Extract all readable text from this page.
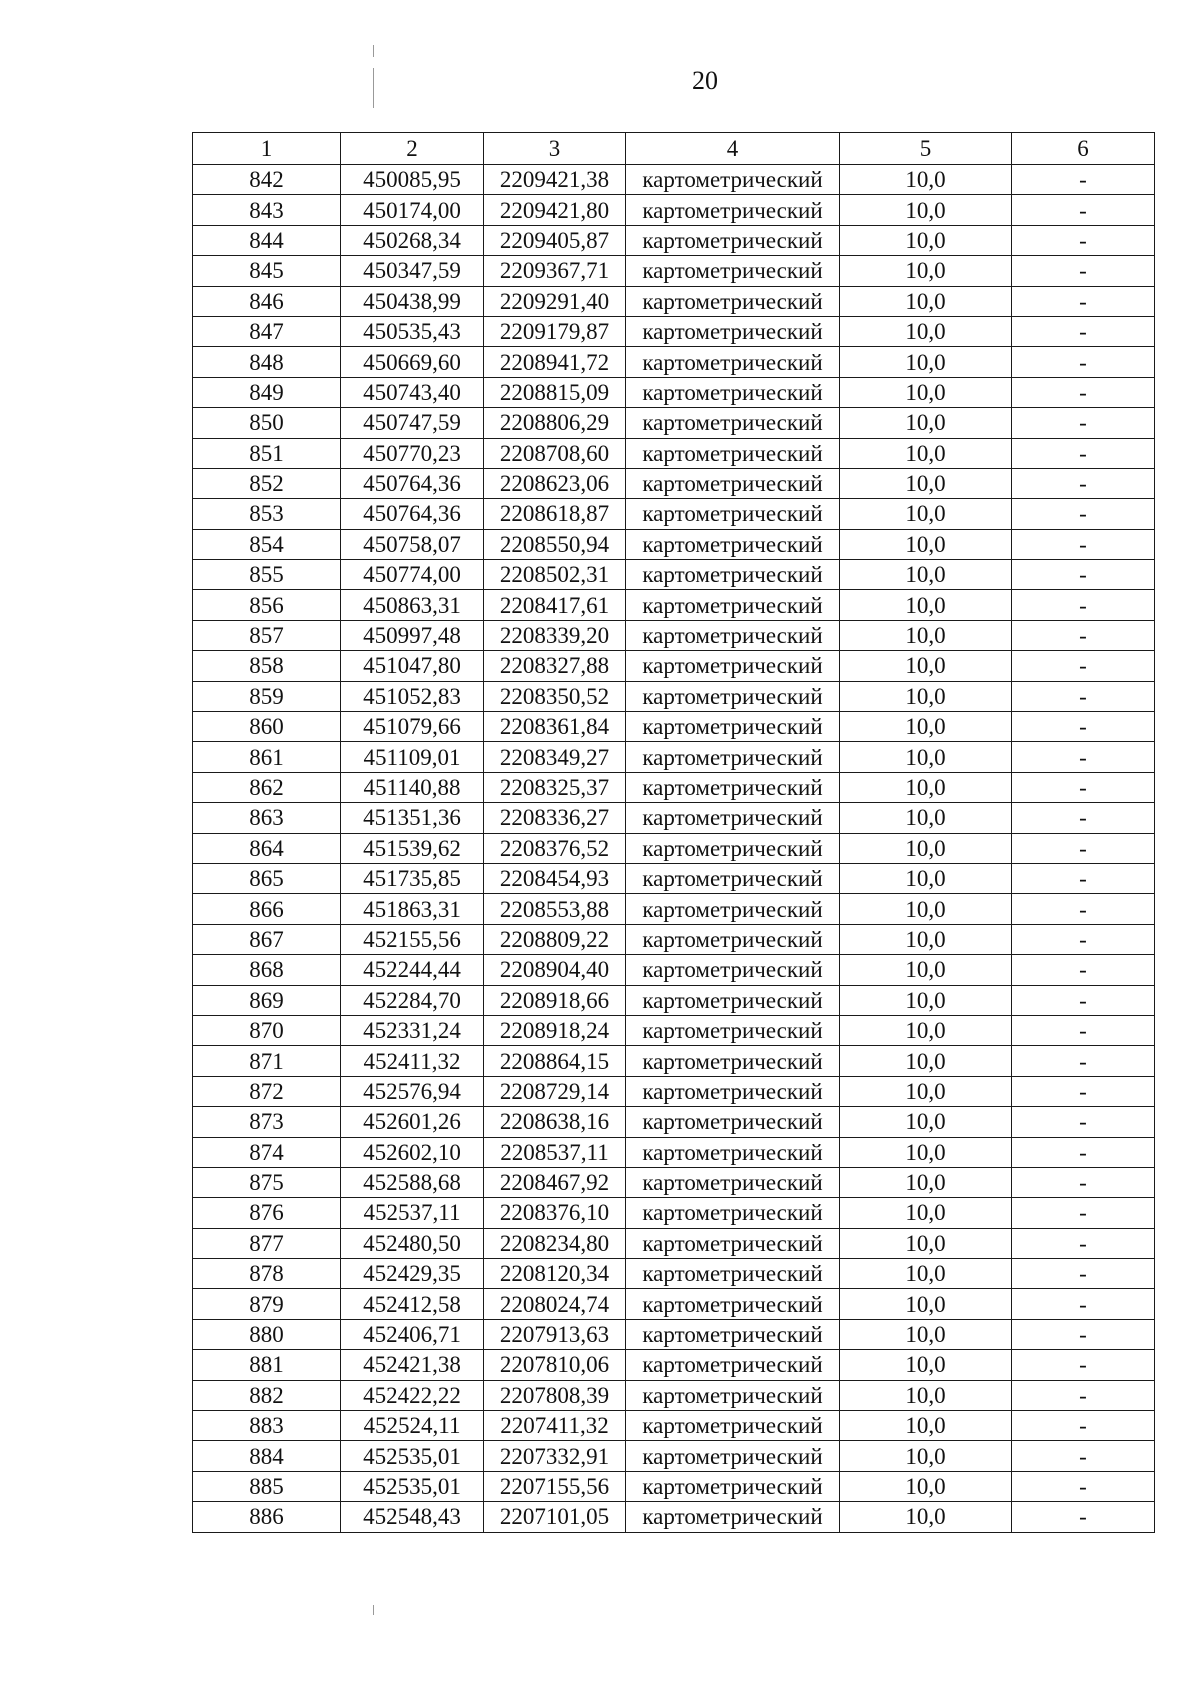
20
1	2	3	4	5	6
842	450085,95	2209421,38	картометрический	10,0	-
843	450174,00	2209421,80	картометрический	10,0	-
844	450268,34	2209405,87	картометрический	10,0	-
845	450347,59	2209367,71	картометрический	10,0	-
846	450438,99	2209291,40	картометрический	10,0	-
847	450535,43	2209179,87	картометрический	10,0	-
848	450669,60	2208941,72	картометрический	10,0	-
849	450743,40	2208815,09	картометрический	10,0	-
850	450747,59	2208806,29	картометрический	10,0	-
851	450770,23	2208708,60	картометрический	10,0	-
852	450764,36	2208623,06	картометрический	10,0	-
853	450764,36	2208618,87	картометрический	10,0	-
854	450758,07	2208550,94	картометрический	10,0	-
855	450774,00	2208502,31	картометрический	10,0	-
856	450863,31	2208417,61	картометрический	10,0	-
857	450997,48	2208339,20	картометрический	10,0	-
858	451047,80	2208327,88	картометрический	10,0	-
859	451052,83	2208350,52	картометрический	10,0	-
860	451079,66	2208361,84	картометрический	10,0	-
861	451109,01	2208349,27	картометрический	10,0	-
862	451140,88	2208325,37	картометрический	10,0	-
863	451351,36	2208336,27	картометрический	10,0	-
864	451539,62	2208376,52	картометрический	10,0	-
865	451735,85	2208454,93	картометрический	10,0	-
866	451863,31	2208553,88	картометрический	10,0	-
867	452155,56	2208809,22	картометрический	10,0	-
868	452244,44	2208904,40	картометрический	10,0	-
869	452284,70	2208918,66	картометрический	10,0	-
870	452331,24	2208918,24	картометрический	10,0	-
871	452411,32	2208864,15	картометрический	10,0	-
872	452576,94	2208729,14	картометрический	10,0	-
873	452601,26	2208638,16	картометрический	10,0	-
874	452602,10	2208537,11	картометрический	10,0	-
875	452588,68	2208467,92	картометрический	10,0	-
876	452537,11	2208376,10	картометрический	10,0	-
877	452480,50	2208234,80	картометрический	10,0	-
878	452429,35	2208120,34	картометрический	10,0	-
879	452412,58	2208024,74	картометрический	10,0	-
880	452406,71	2207913,63	картометрический	10,0	-
881	452421,38	2207810,06	картометрический	10,0	-
882	452422,22	2207808,39	картометрический	10,0	-
883	452524,11	2207411,32	картометрический	10,0	-
884	452535,01	2207332,91	картометрический	10,0	-
885	452535,01	2207155,56	картометрический	10,0	-
886	452548,43	2207101,05	картометрический	10,0	-
